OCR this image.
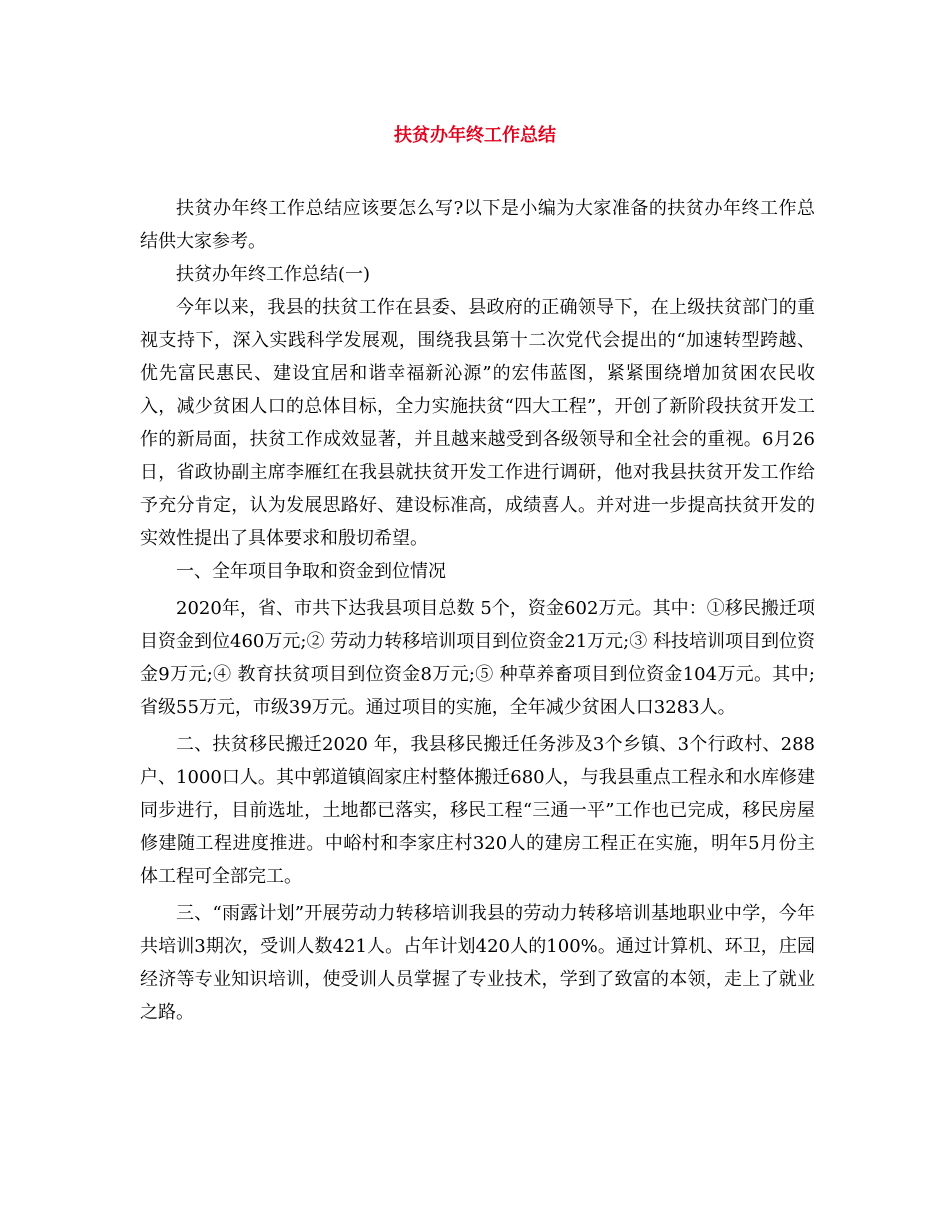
扶贫办年终工作总结

扶贫办年终工作总结应该要怎么写?以下是小编为大家准备的扶贫办年终工作总结供大家参考。

扶贫办年终工作总结(一)

今年以来，我县的扶贫工作在县委、县政府的正确领导下，在上级扶贫部门的重视支持下，深入实践科学发展观，围绕我县第十二次党代会提出的“加速转型跨越、优先富民惠民、建设宜居和谐幸福新沁源”的宏伟蓝图，紧紧围绕增加贫困农民收入，减少贫困人口的总体目标，全力实施扶贫“四大工程”，开创了新阶段扶贫开发工作的新局面，扶贫工作成效显著，并且越来越受到各级领导和全社会的重视。6月26日，省政协副主席李雁红在我县就扶贫开发工作进行调研，他对我县扶贫开发工作给予充分肯定，认为发展思路好、建设标准高，成绩喜人。并对进一步提高扶贫开发的实效性提出了具体要求和殷切希望。

一、全年项目争取和资金到位情况

2020年，省、市共下达我县项目总数 5个，资金602万元。其中：①移民搬迁项目资金到位460万元;② 劳动力转移培训项目到位资金21万元;③ 科技培训项目到位资金9万元;④ 教育扶贫项目到位资金8万元;⑤ 种草养畜项目到位资金104万元。其中;省级55万元，市级39万元。通过项目的实施，全年减少贫困人口3283人。

二、扶贫移民搬迁2020 年，我县移民搬迁任务涉及3个乡镇、3个行政村、288户、1000口人。其中郭道镇阎家庄村整体搬迁680人，与我县重点工程永和水库修建同步进行，目前选址，土地都已落实，移民工程“三通一平”工作也已完成，移民房屋修建随工程进度推进。中峪村和李家庄村320人的建房工程正在实施，明年5月份主体工程可全部完工。

三、“雨露计划”开展劳动力转移培训我县的劳动力转移培训基地职业中学，今年共培训3期次，受训人数421人。占年计划420人的100%。通过计算机、环卫，庄园经济等专业知识培训，使受训人员掌握了专业技术，学到了致富的本领，走上了就业之路。
